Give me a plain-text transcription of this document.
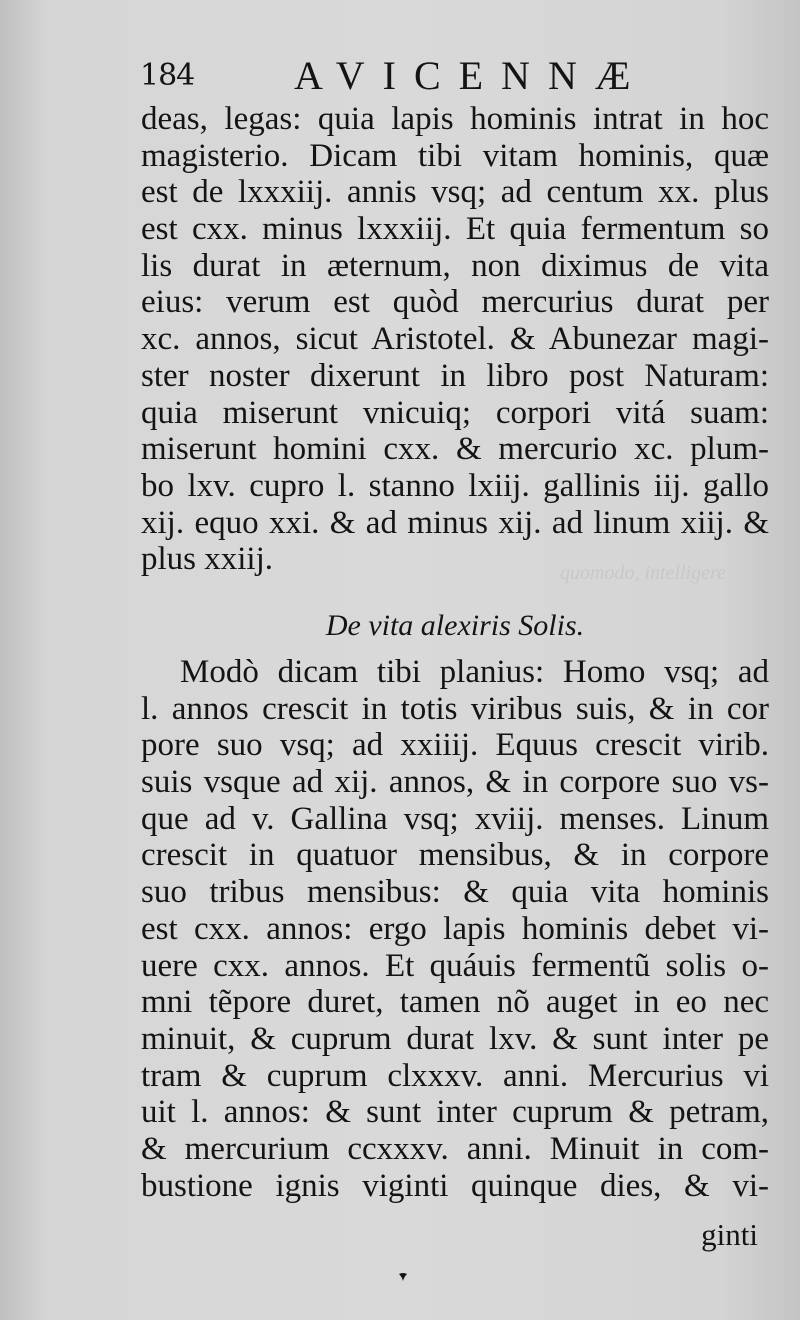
quomodo, intelligere
184 AVICENNÆ
deas, legas: quia lapis hominis intrat in hoc
magisterio. Dicam tibi vitam hominis, quæ
est de lxxxiij. annis vsq; ad centum xx. plus
est cxx. minus lxxxiij. Et quia fermentum so
lis durat in æternum, non diximus de vita
eius: verum est quòd mercurius durat per
xc. annos, sicut Aristotel. & Abunezar magi-
ster noster dixerunt in libro post Naturam:
quia miserunt vnicuiq; corpori vitá suam:
miserunt homini cxx. & mercurio xc. plum-
bo lxv. cupro l. stanno lxiij. gallinis iij. gallo
xij. equo xxi. & ad minus xij. ad linum xiij. &
plus xxiij.
De vita alexiris Solis.
Modò dicam tibi planius: Homo vsq; ad
l. annos crescit in totis viribus suis, & in cor
pore suo vsq; ad xxiiij. Equus crescit virib.
suis vsque ad xij. annos, & in corpore suo vs-
que ad v. Gallina vsq; xviij. menses. Linum
crescit in quatuor mensibus, & in corpore
suo tribus mensibus: & quia vita hominis
est cxx. annos: ergo lapis hominis debet vi-
uere cxx. annos. Et quáuis fermentũ solis o-
mni tẽpore duret, tamen nõ auget in eo nec
minuit, & cuprum durat lxv. & sunt inter pe
tram & cuprum clxxxv. anni. Mercurius vi
uit l. annos: & sunt inter cuprum & petram,
& mercurium ccxxxv. anni. Minuit in com-
bustione ignis viginti quinque dies, & vi-
ginti
